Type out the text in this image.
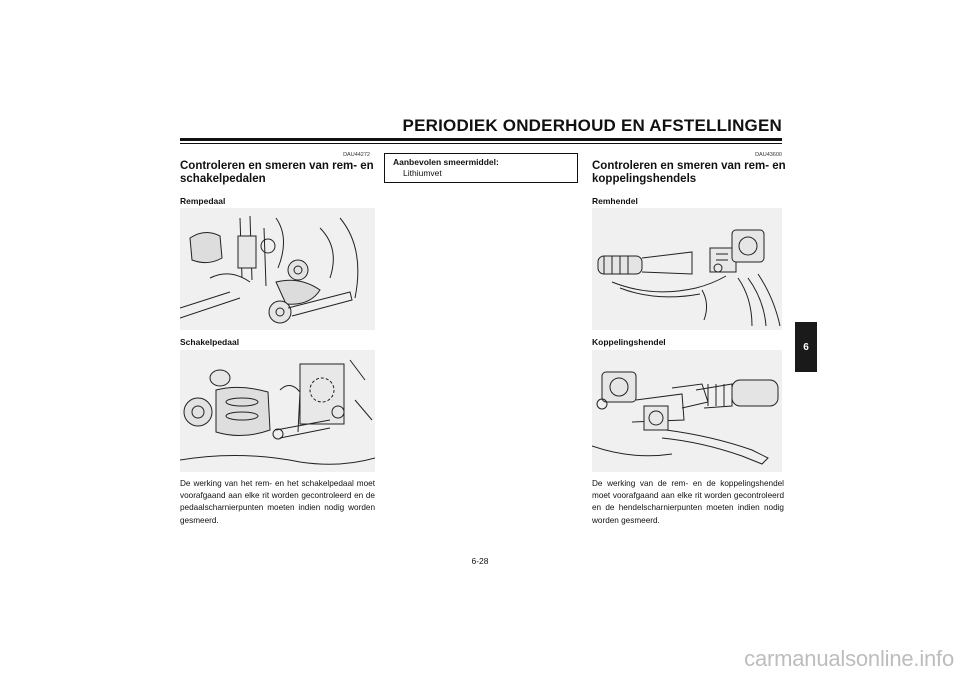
PERIODIEK ONDERHOUD EN AFSTELLINGEN
DAU44272
Controleren en smeren van rem- en schakelpedalen
Rempedaal
Schakelpedaal
De werking van het rem- en het schakelpedaal moet voorafgaand aan elke rit worden gecontroleerd en de pedaalscharnierpunten moeten indien nodig worden gesmeerd.
Aanbevolen smeermiddel:
Lithiumvet
DAU43600
Controleren en smeren van rem- en koppelingshendels
Remhendel
Koppelingshendel
De werking van de rem- en de koppelingshendel moet voorafgaand aan elke rit worden gecontroleerd en de hendelscharnierpunten moeten indien nodig worden gesmeerd.
6
6-28
carmanualsonline.info
